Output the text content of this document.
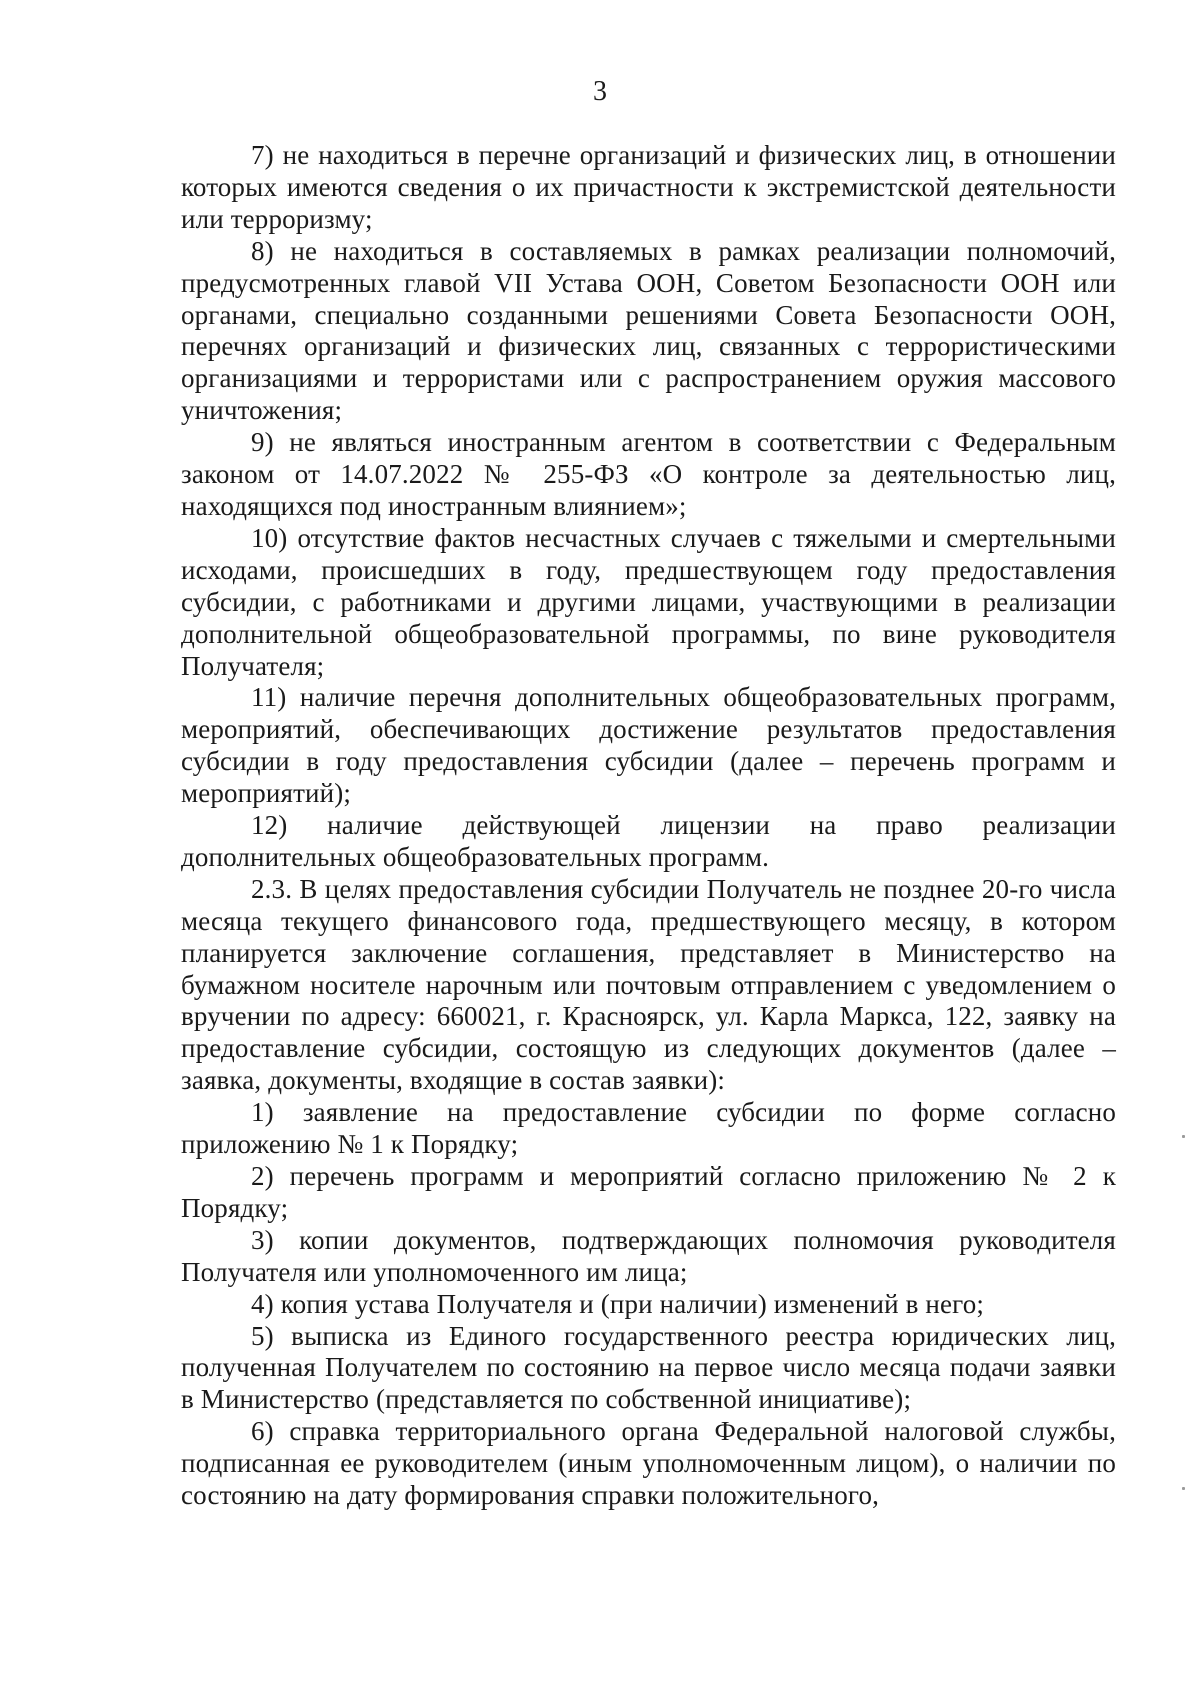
3

7) не находиться в перечне организаций и физических лиц, в отношении которых имеются сведения о их причастности к экстремистской деятельности или терроризму;

8) не находиться в составляемых в рамках реализации полномочий, предусмотренных главой VII Устава ООН, Советом Безопасности ООН или органами, специально созданными решениями Совета Безопасности ООН, перечнях организаций и физических лиц, связанных с террористическими организациями и террористами или с распространением оружия массового уничтожения;

9) не являться иностранным агентом в соответствии с Федеральным законом от 14.07.2022 № 255-ФЗ «О контроле за деятельностью лиц, находящихся под иностранным влиянием»;

10) отсутствие фактов несчастных случаев с тяжелыми и смертельными исходами, происшедших в году, предшествующем году предоставления субсидии, с работниками и другими лицами, участвующими в реализации дополнительной общеобразовательной программы, по вине руководителя Получателя;

11) наличие перечня дополнительных общеобразовательных программ, мероприятий, обеспечивающих достижение результатов предоставления субсидии в году предоставления субсидии (далее – перечень программ и мероприятий);

12) наличие действующей лицензии на право реализации дополнительных общеобразовательных программ.

2.3. В целях предоставления субсидии Получатель не позднее 20-го числа месяца текущего финансового года, предшествующего месяцу, в котором планируется заключение соглашения, представляет в Министерство на бумажном носителе нарочным или почтовым отправлением с уведомлением о вручении по адресу: 660021, г. Красноярск, ул. Карла Маркса, 122, заявку на предоставление субсидии, состоящую из следующих документов (далее – заявка, документы, входящие в состав заявки):

1) заявление на предоставление субсидии по форме согласно приложению № 1 к Порядку;

2) перечень программ и мероприятий согласно приложению № 2 к Порядку;

3) копии документов, подтверждающих полномочия руководителя Получателя или уполномоченного им лица;

4) копия устава Получателя и (при наличии) изменений в него;

5) выписка из Единого государственного реестра юридических лиц, полученная Получателем по состоянию на первое число месяца подачи заявки в Министерство (представляется по собственной инициативе);

6) справка территориального органа Федеральной налоговой службы, подписанная ее руководителем (иным уполномоченным лицом), о наличии по состоянию на дату формирования справки положительного,
